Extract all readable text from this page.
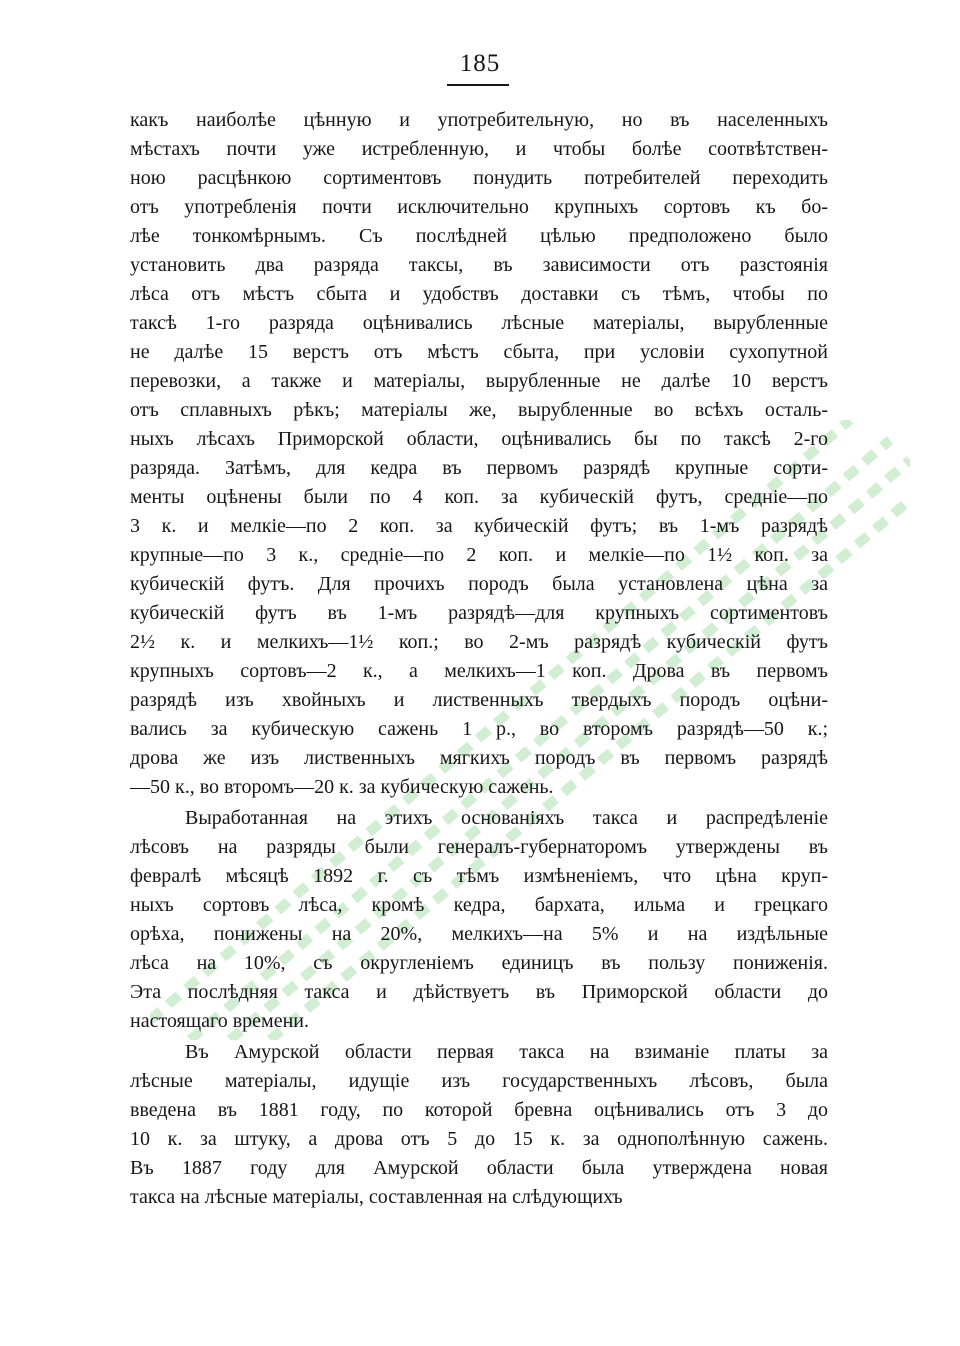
185
какъ наиболѣе цѣнную и употребительную, но въ населенныхъ
мѣстахъ почти уже истребленную, и чтобы болѣе соотвѣтствен-
ною расцѣнкою сортиментовъ понудить потребителей переходить
отъ употребленія почти исключительно крупныхъ сортовъ къ бо-
лѣе тонкомѣрнымъ. Съ послѣдней цѣлью предположено было
установить два разряда таксы, въ зависимости отъ разстоянія
лѣса отъ мѣстъ сбыта и удобствъ доставки съ тѣмъ, чтобы по
таксѣ 1-го разряда оцѣнивались лѣсные матеріалы, вырубленные
не далѣе 15 верстъ отъ мѣстъ сбыта, при условіи сухопутной
перевозки, а также и матеріалы, вырубленные не далѣе 10 верстъ
отъ сплавныхъ рѣкъ; матеріалы же, вырубленные во всѣхъ осталь-
ныхъ лѣсахъ Приморской области, оцѣнивались бы по таксѣ 2-го
разряда. Затѣмъ, для кедра въ первомъ разрядѣ крупные сорти-
менты оцѣнены были по 4 коп. за кубическій футъ, средніе—по
3 к. и мелкіе—по 2 коп. за кубическій футъ; въ 1-мъ разрядѣ
крупные—по 3 к., средніе—по 2 коп. и мелкіе—по 1½ коп. за
кубическій футъ. Для прочихъ породъ была установлена цѣна за
кубическій футъ въ 1-мъ разрядѣ—для крупныхъ сортиментовъ
2½ к. и мелкихъ—1½ коп.; во 2-мъ разрядѣ кубическій футъ
крупныхъ сортовъ—2 к., а мелкихъ—1 коп. Дрова въ первомъ
разрядѣ изъ хвойныхъ и лиственныхъ твердыхъ породъ оцѣни-
вались за кубическую сажень 1 р., во второмъ разрядѣ—50 к.;
дрова же изъ лиственныхъ мягкихъ породъ въ первомъ разрядѣ
—50 к., во второмъ—20 к. за кубическую сажень.
Выработанная на этихъ основаніяхъ такса и распредѣленіе
лѣсовъ на разряды были генералъ-губернаторомъ утверждены въ
февралѣ мѣсяцѣ 1892 г. съ тѣмъ измѣненіемъ, что цѣна круп-
ныхъ сортовъ лѣса, кромѣ кедра, бархата, ильма и грецкаго
орѣха, понижены на 20%, мелкихъ—на 5% и на издѣльные
лѣса на 10%, съ округленіемъ единицъ въ пользу пониженія.
Эта послѣдняя такса и дѣйствуетъ въ Приморской области до
настоящаго времени.
Въ Амурской области первая такса на взиманіе платы за
лѣсные матеріалы, идущіе изъ государственныхъ лѣсовъ, была
введена въ 1881 году, по которой бревна оцѣнивались отъ 3 до
10 к. за штуку, а дрова отъ 5 до 15 к. за однополѣнную сажень.
Въ 1887 году для Амурской области была утверждена новая
такса на лѣсные матеріалы, составленная на слѣдующихъ
